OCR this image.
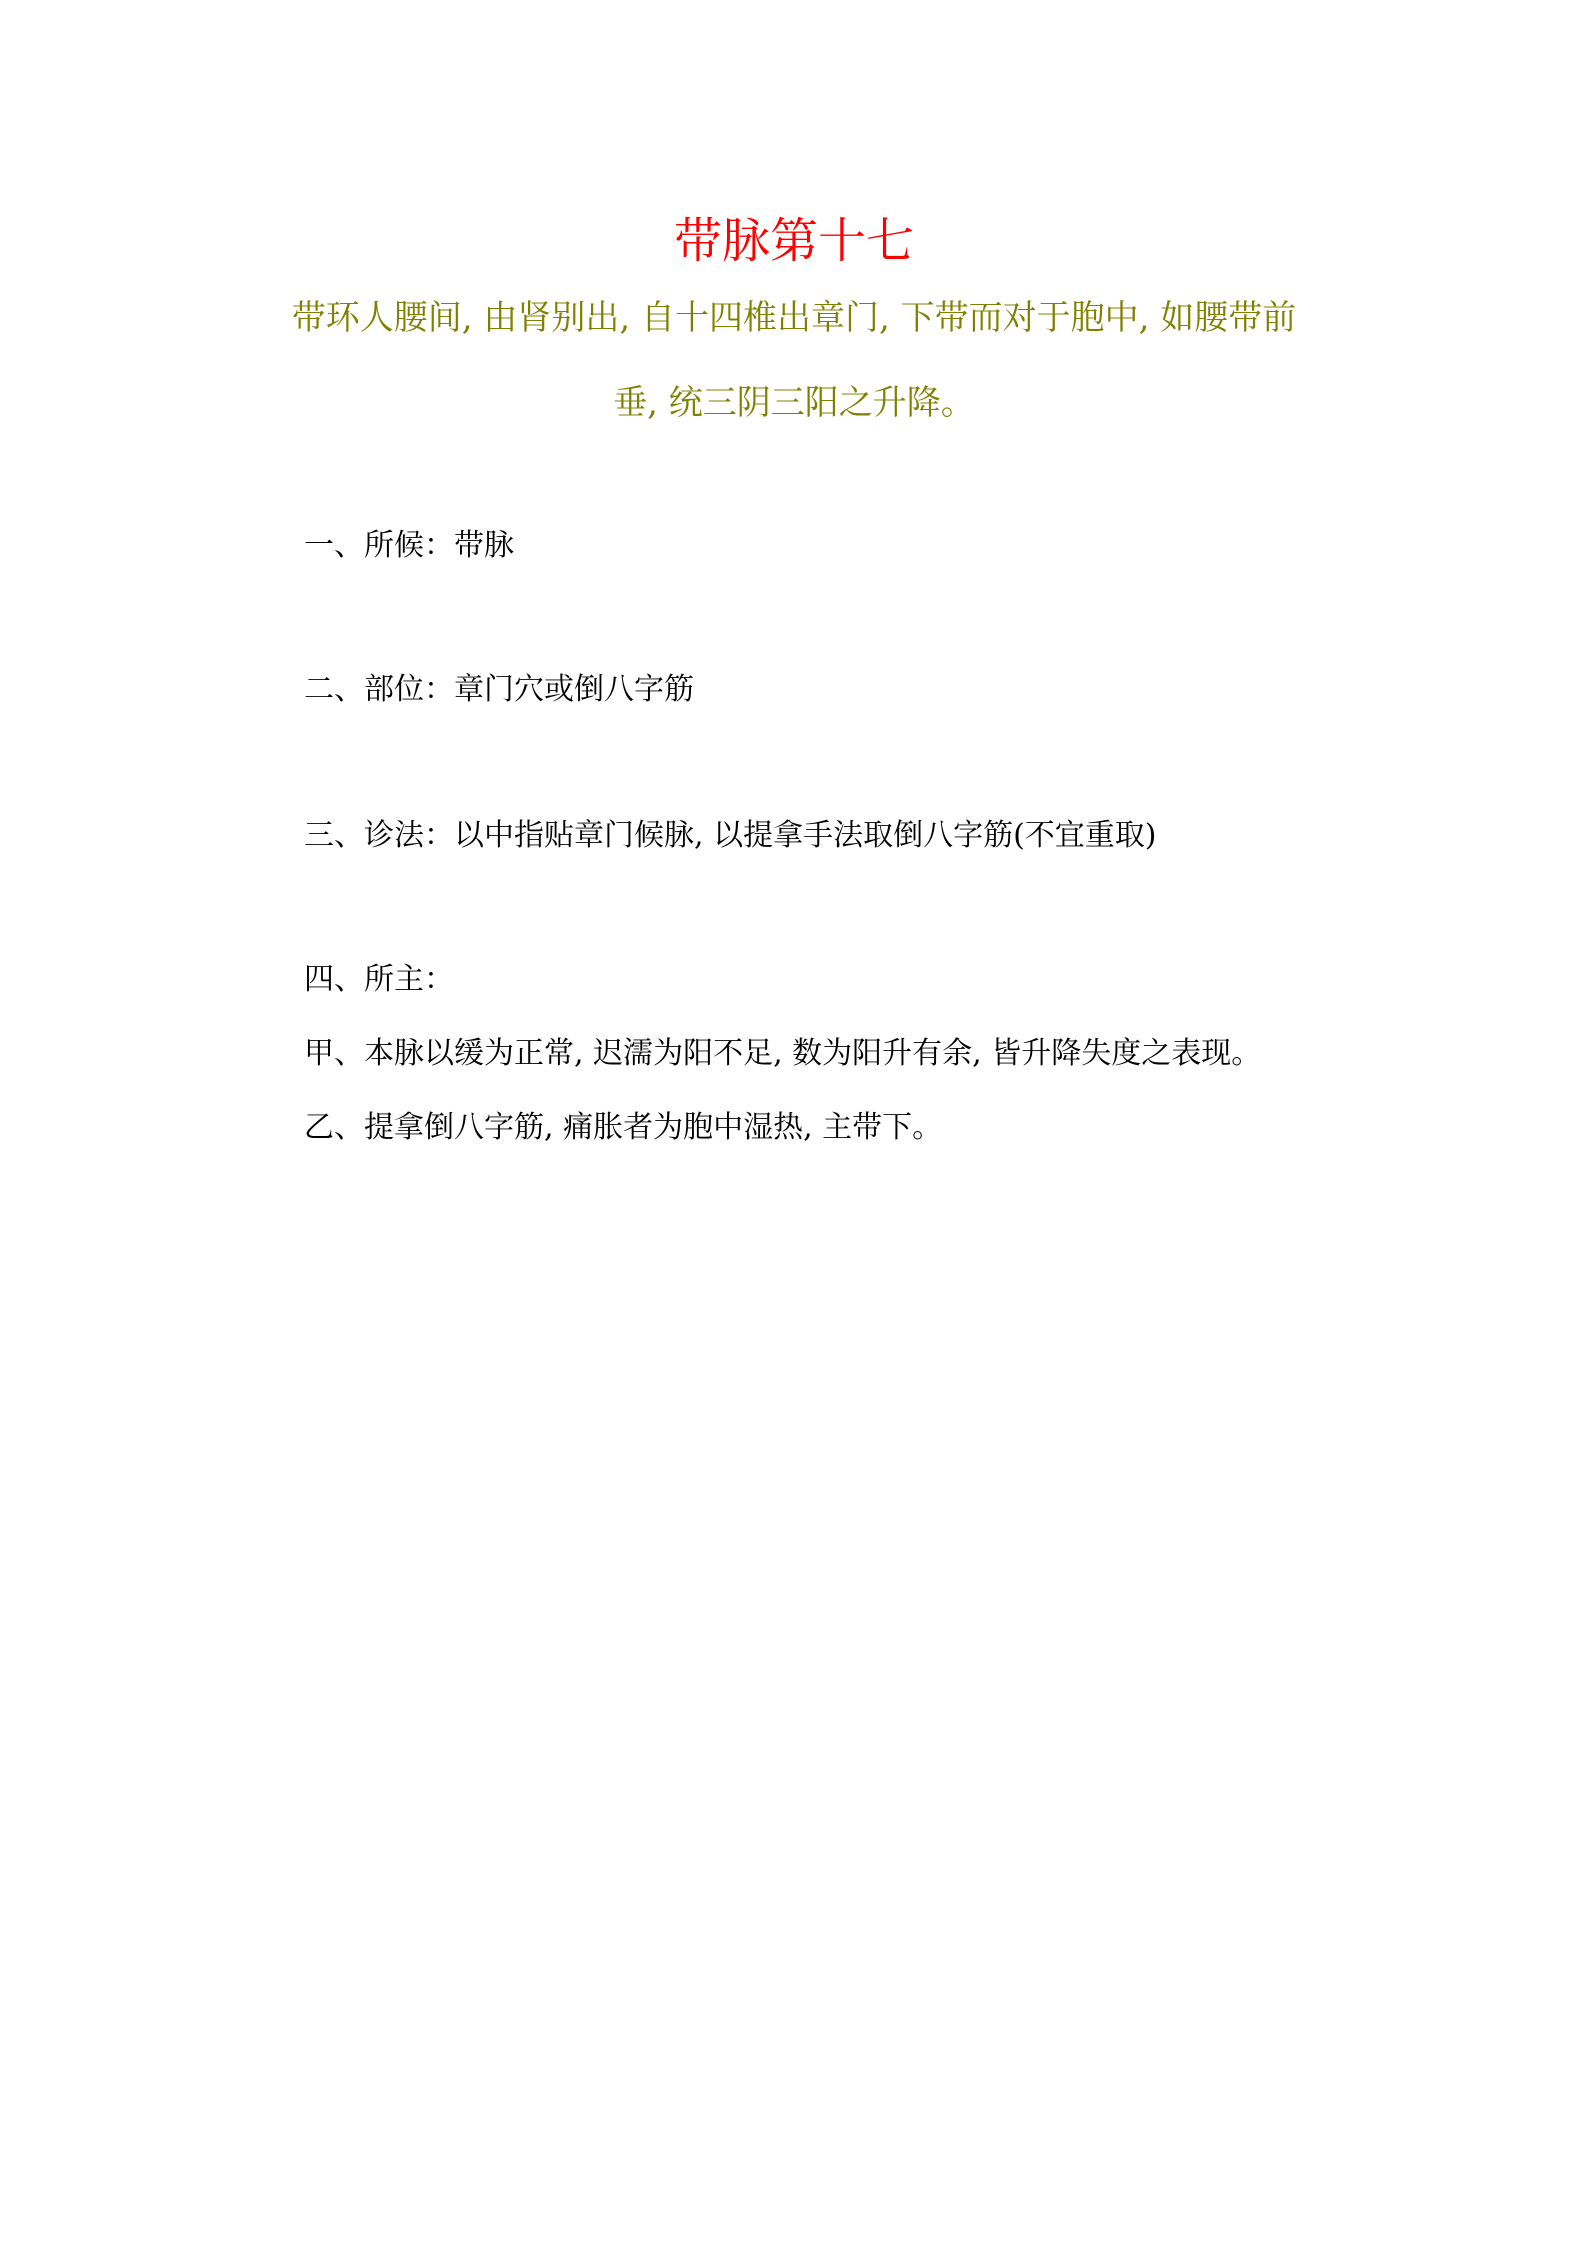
带脉第十七

带环人腰间, 由肾别出, 自十四椎出章门, 下带而对于胞中, 如腰带前

垂, 统三阴三阳之升降。

一、所候：带脉

二、部位：章门穴或倒八字筋

三、诊法：以中指贴章门候脉, 以提拿手法取倒八字筋(不宜重取)

四、所主：

甲、本脉以缓为正常, 迟濡为阳不足, 数为阳升有余, 皆升降失度之表现。

乙、提拿倒八字筋, 痛胀者为胞中湿热, 主带下。
